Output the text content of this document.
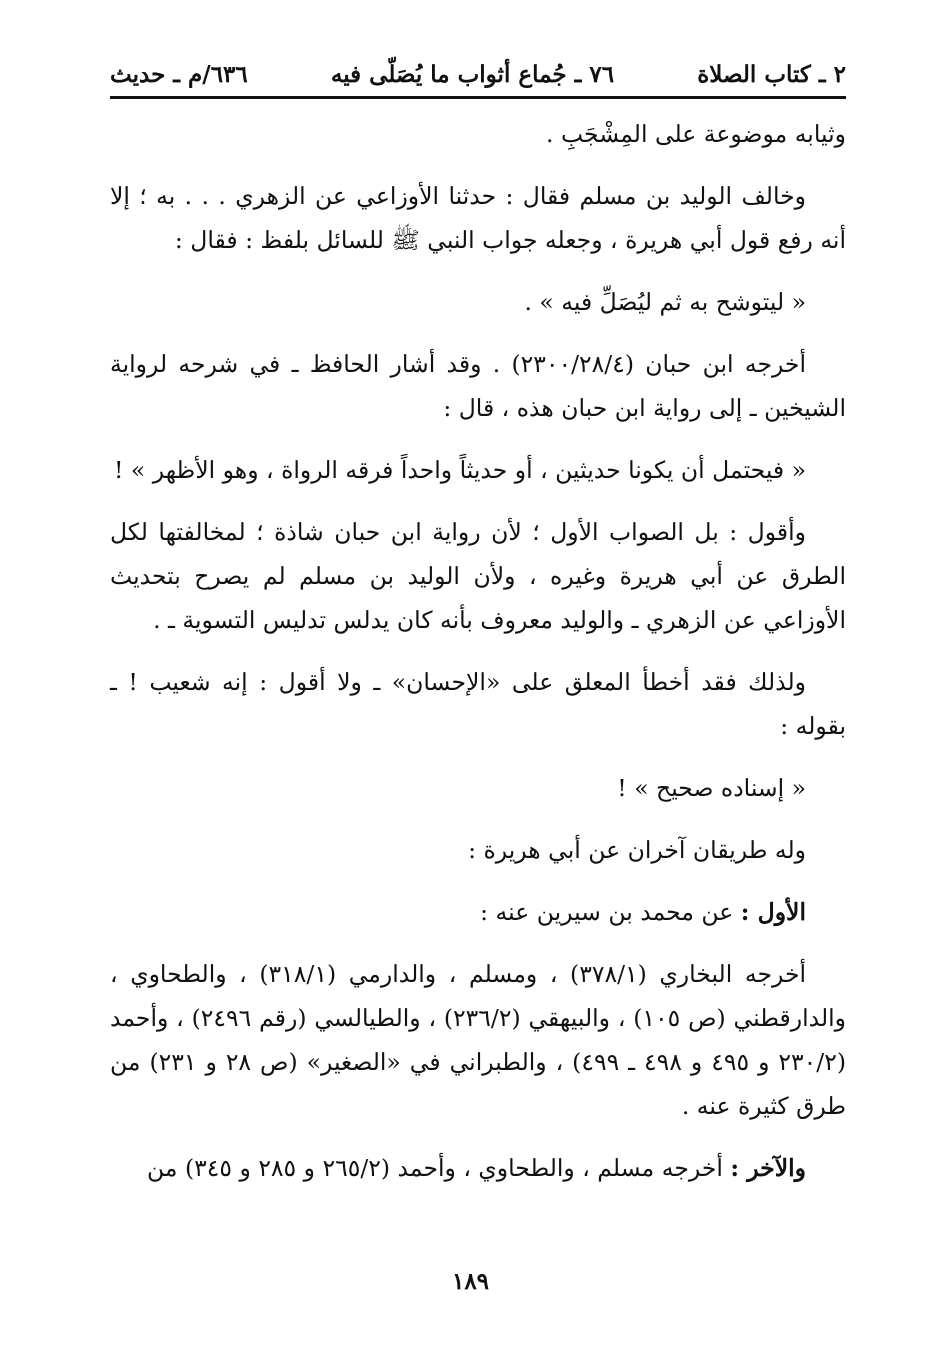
٢ ـ كتاب الصلاة
٧٦ ـ جُماع أثواب ما يُصَلّى فيه
٦٣٦/م ـ حديث

وثيابه موضوعة على المِشْجَبِ .

وخالف الوليد بن مسلم فقال : حدثنا الأوزاعي عن الزهري . . . به ؛ إلا أنه رفع قول أبي هريرة ، وجعله جواب النبي ﷺ للسائل بلفظ : فقال :

« ليتوشح به ثم ليُصَلِّ فيه » .

أخرجه ابن حبان (٢٣٠٠/٢٨/٤) . وقد أشار الحافظ ـ في شرحه لرواية الشيخين ـ إلى رواية ابن حبان هذه ، قال :

« فيحتمل أن يكونا حديثين ، أو حديثاً واحداً فرقه الرواة ، وهو الأظهر » !

وأقول : بل الصواب الأول ؛ لأن رواية ابن حبان شاذة ؛ لمخالفتها لكل الطرق عن أبي هريرة وغيره ، ولأن الوليد بن مسلم لم يصرح بتحديث الأوزاعي عن الزهري ـ والوليد معروف بأنه كان يدلس تدليس التسوية ـ .

ولذلك فقد أخطأ المعلق على «الإحسان» ـ ولا أقول : إنه شعيب ! ـ بقوله :

« إسناده صحيح » !

وله طريقان آخران عن أبي هريرة :

الأول : عن محمد بن سيرين عنه :

أخرجه البخاري (٣٧٨/١) ، ومسلم ، والدارمي (٣١٨/١) ، والطحاوي ، والدارقطني (ص ١٠٥) ، والبيهقي (٢٣٦/٢) ، والطيالسي (رقم ٢٤٩٦) ، وأحمد (٢٣٠/٢ و ٤٩٥ و ٤٩٨ ـ ٤٩٩) ، والطبراني في «الصغير» (ص ٢٨ و ٢٣١) من طرق كثيرة عنه .

والآخر : أخرجه مسلم ، والطحاوي ، وأحمد (٢٦٥/٢ و ٢٨٥ و ٣٤٥) من

١٨٩
